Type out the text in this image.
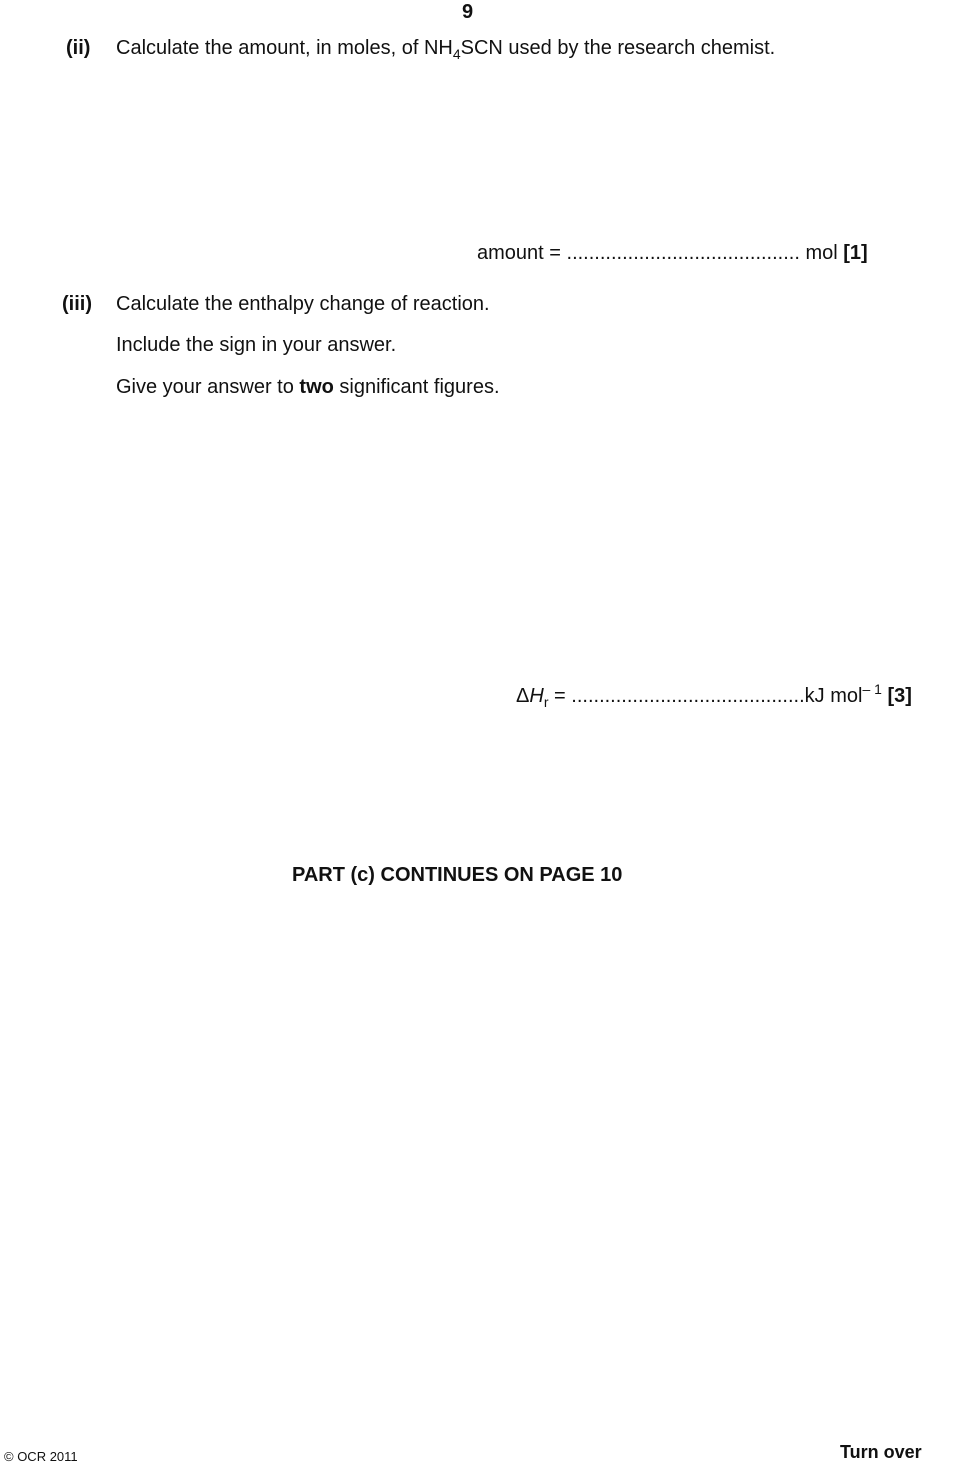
9
(ii) Calculate the amount, in moles, of $NH_4SCN$ used by the research chemist.
amount = .......................................... mol [1]
(iii) Calculate the enthalpy change of reaction.
Include the sign in your answer.
Give your answer to two significant figures.
$\Delta H_r = ..........................................kJ$ mol$^{- 1}$ [3]
PART (c) CONTINUES ON PAGE 10
© OCR 2011	Turn over
